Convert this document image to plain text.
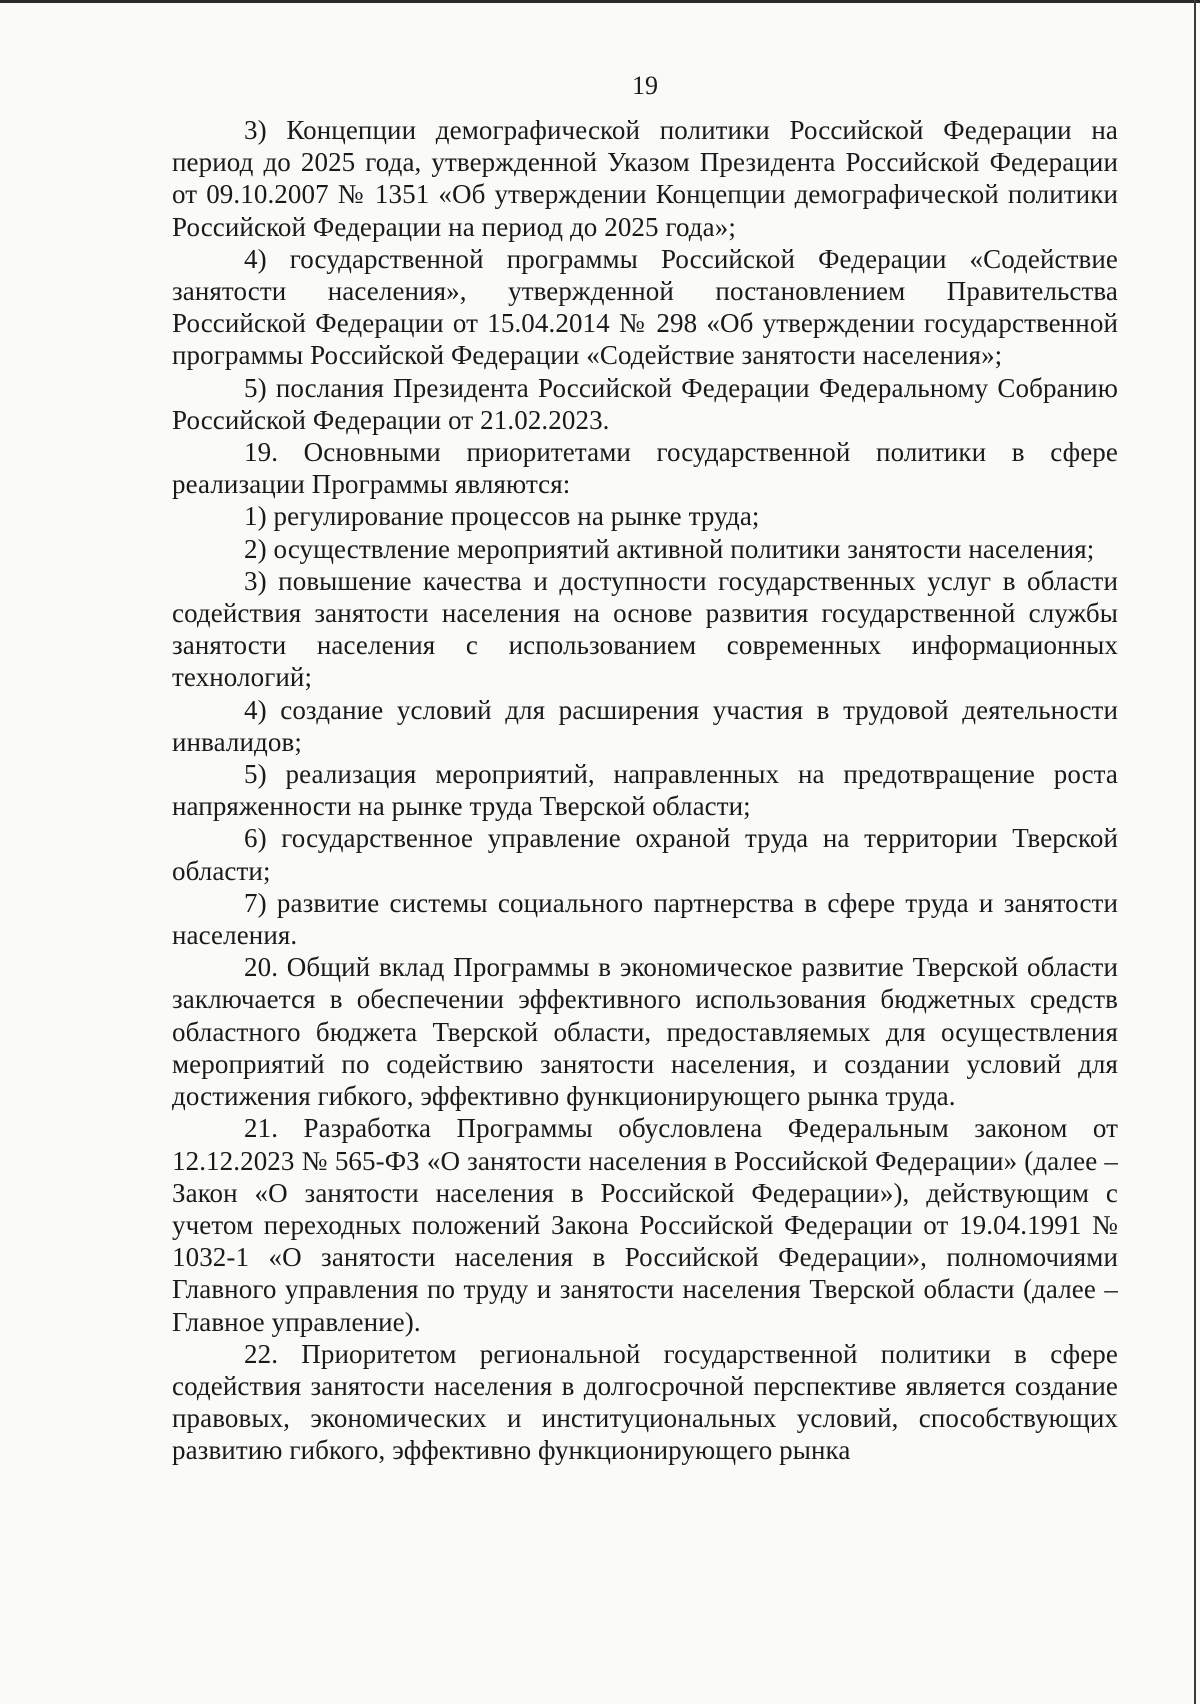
19

3) Концепции демографической политики Российской Федерации на период до 2025 года, утвержденной Указом Президента Российской Федерации от 09.10.2007 № 1351 «Об утверждении Концепции демографической политики Российской Федерации на период до 2025 года»;

4) государственной программы Российской Федерации «Содействие занятости населения», утвержденной постановлением Правительства Российской Федерации от 15.04.2014 № 298 «Об утверждении государственной программы Российской Федерации «Содействие занятости населения»;

5) послания Президента Российской Федерации Федеральному Собранию Российской Федерации от 21.02.2023.

19. Основными приоритетами государственной политики в сфере реализации Программы являются:

1) регулирование процессов на рынке труда;

2) осуществление мероприятий активной политики занятости населения;

3) повышение качества и доступности государственных услуг в области содействия занятости населения на основе развития государственной службы занятости населения с использованием современных информационных технологий;

4) создание условий для расширения участия в трудовой деятельности инвалидов;

5) реализация мероприятий, направленных на предотвращение роста напряженности на рынке труда Тверской области;

6) государственное управление охраной труда на территории Тверской области;

7) развитие системы социального партнерства в сфере труда и занятости населения.

20. Общий вклад Программы в экономическое развитие Тверской области заключается в обеспечении эффективного использования бюджетных средств областного бюджета Тверской области, предоставляемых для осуществления мероприятий по содействию занятости населения, и создании условий для достижения гибкого, эффективно функционирующего рынка труда.

21. Разработка Программы обусловлена Федеральным законом от 12.12.2023 № 565-ФЗ «О занятости населения в Российской Федерации» (далее – Закон «О занятости населения в Российской Федерации»), действующим с учетом переходных положений Закона Российской Федерации от 19.04.1991 № 1032-1 «О занятости населения в Российской Федерации», полномочиями Главного управления по труду и занятости населения Тверской области (далее – Главное управление).

22. Приоритетом региональной государственной политики в сфере содействия занятости населения в долгосрочной перспективе является создание правовых, экономических и институциональных условий, способствующих развитию гибкого, эффективно функционирующего рынка
